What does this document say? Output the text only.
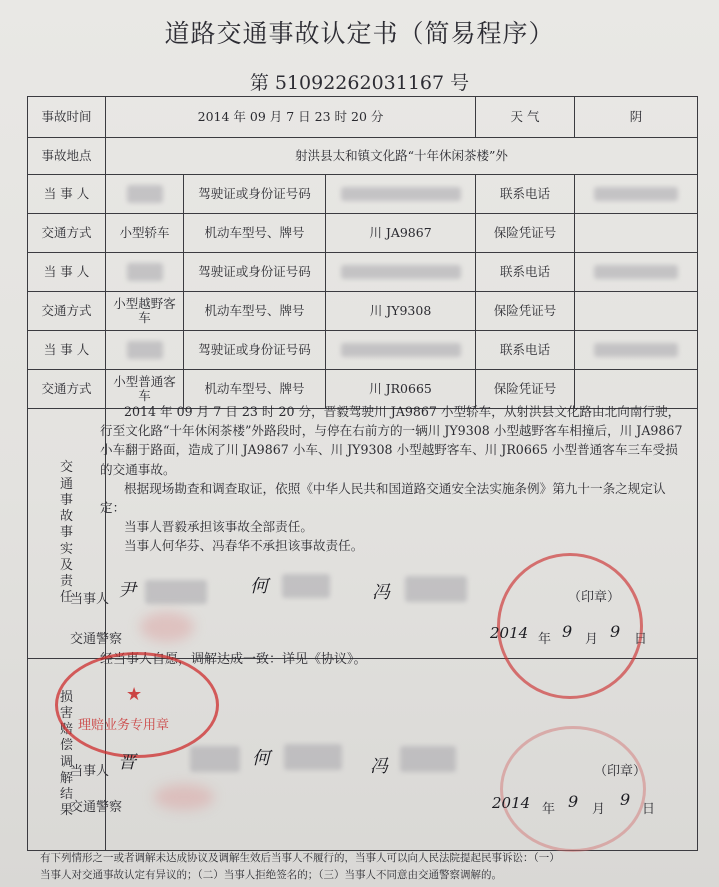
道路交通事故认定书（简易程序）
第 51092262031167 号
事故时间	2014 年 09 月 7 日 23 时 20 分			天 气	阴
事故地点	射洪县太和镇文化路“十年休闲茶楼”外				
当 事 人		驾驶证或身份证号码		联系电话	
交通方式	小型轿车	机动车型号、牌号	川 JA9867	保险凭证号	
当 事 人		驾驶证或身份证号码		联系电话	
交通方式	小型越野客车	机动车型号、牌号	川 JY9308	保险凭证号	
当 事 人		驾驶证或身份证号码		联系电话	
交通方式	小型普通客车	机动车型号、牌号	川 JR0665	保险凭证号	

交通事故事实及责任					

损害赔偿调解结果					

2014 年 09 月 7 日 23 时 20 分，晋毅驾驶川 JA9867 小型轿车，从射洪县文化路由北向南行驶，行至文化路“十年休闲茶楼”外路段时，与停在右前方的一辆川 JY9308 小型越野客车相撞后，川 JA9867 小车翻于路面，造成了川 JA9867 小车、川 JY9308 小型越野客车、川 JR0665 小型普通客车三车受损的交通事故。

根据现场勘查和调查取证，依照《中华人民共和国道路交通安全法实施条例》第九十一条之规定认定：

当事人晋毅承担该事故全部责任。

当事人何华芬、冯春华不承担该事故责任。

当事人 尹	何	冯
交通警察
（印章）
2014 年 9 月 9 日
经当事人自愿，调解达成一致：详见《协议》。
理赔业务专用章
★
当事人 晋	何	冯
交通警察
（印章）
2014 年 9 月
9
日
有下列情形之一或者调解未达成协议及调解生效后当事人不履行的，当事人可以向人民法院提起民事诉讼：（一）
当事人对交通事故认定有异议的；（二）当事人拒绝签名的；（三）当事人不同意由交通警察调解的。
